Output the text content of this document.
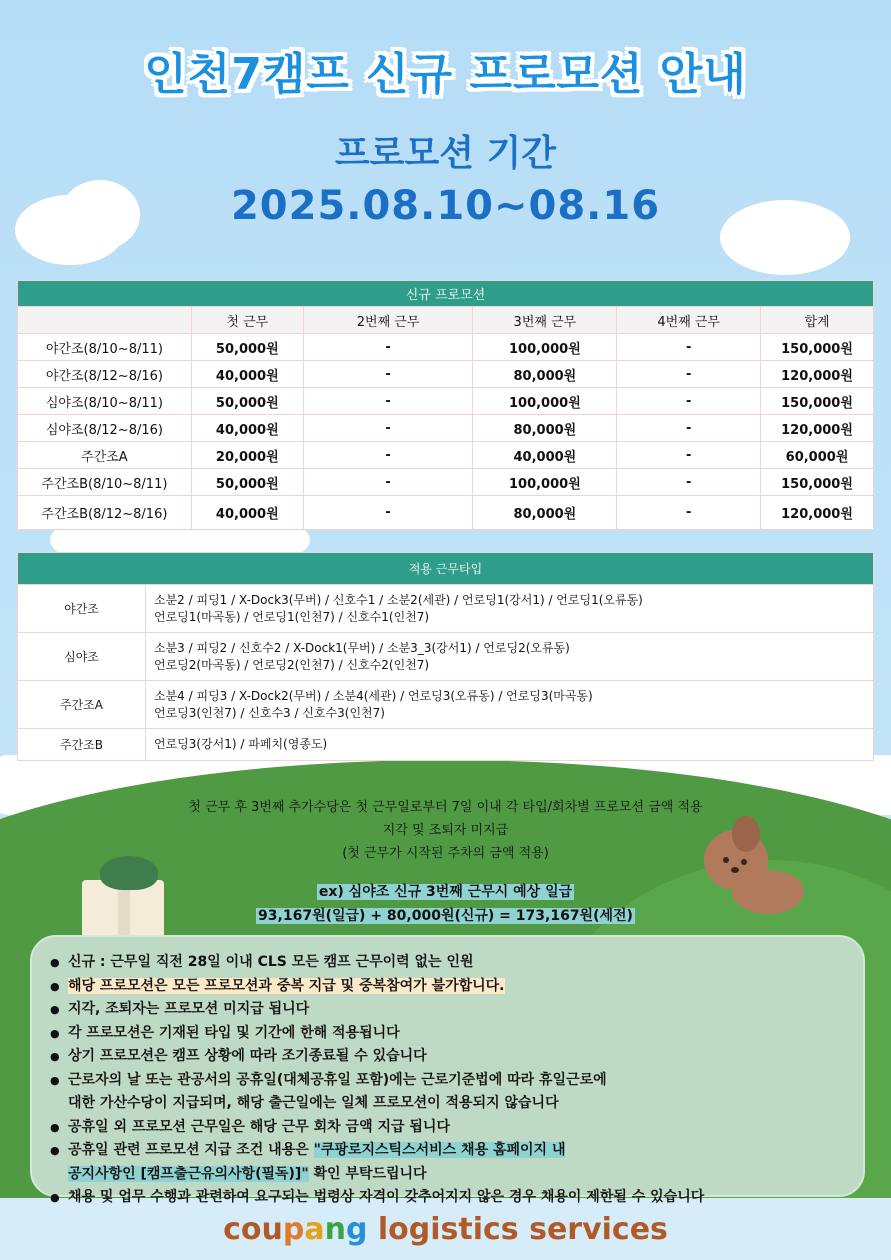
인천7캠프 신규 프로모션 안내
프로모션 기간
2025.08.10~08.16
신규 프로모션					
	첫 근무	2번째 근무	3번째 근무	4번째 근무	합계
야간조(8/10~8/11)	50,000원	-	100,000원	-	150,000원
야간조(8/12~8/16)	40,000원	-	80,000원	-	120,000원
심야조(8/10~8/11)	50,000원	-	100,000원	-	150,000원
심야조(8/12~8/16)	40,000원	-	80,000원	-	120,000원
주간조A	20,000원	-	40,000원	-	60,000원
주간조B(8/10~8/11)	50,000원	-	100,000원	-	150,000원
주간조B(8/12~8/16)	40,000원	-	80,000원	-	120,000원
적용 근무타입	
야간조	소분2 / 피딩1 / X-Dock3(무버) / 신호수1 / 소분2(세관) / 언로딩1(강서1) / 언로딩1(오류동)
언로딩1(마곡동) / 언로딩1(인천7) / 신호수1(인천7)

심야조	소분3 / 피딩2 / 신호수2 / X-Dock1(무버) / 소분3_3(강서1) / 언로딩2(오류동)
언로딩2(마곡동) / 언로딩2(인천7) / 신호수2(인천7)

주간조A	소분4 / 피딩3 / X-Dock2(무버) / 소분4(세관) / 언로딩3(오류동) / 언로딩3(마곡동)
언로딩3(인천7) / 신호수3 / 신호수3(인천7)

주간조B	언로딩3(강서1) / 파페치(영종도)
첫 근무 후 3번째 추가수당은 첫 근무일로부터 7일 이내 각 타입/회차별 프로모션 금액 적용
지각 및 조퇴자 미지급
(첫 근무가 시작된 주차의 금액 적용)
ex) 심야조 신규 3번째 근무시 예상 일급
93,167원(일급) + 80,000원(신규) = 173,167원(세전)
● 신규 : 근무일 직전 28일 이내 CLS 모든 캠프 근무이력 없는 인원
● 해당 프로모션은 모든 프로모션과 중복 지급 및 중복참여가 불가합니다.
● 지각, 조퇴자는 프로모션 미지급 됩니다
● 각 프로모션은 기재된 타입 및 기간에 한해 적용됩니다
● 상기 프로모션은 캠프 상황에 따라 조기종료될 수 있습니다
● 근로자의 날 또는 관공서의 공휴일(대체공휴일 포함)에는 근로기준법에 따라 휴일근로에
대한 가산수당이 지급되며, 해당 출근일에는 일체 프로모션이 적용되지 않습니다
● 공휴일 외 프로모션 근무일은 해당 근무 회차 금액 지급 됩니다
● 공휴일 관련 프로모션 지급 조건 내용은 "쿠팡로지스틱스서비스 채용 홈페이지 내
공지사항인 [캠프출근유의사항(필독)]" 확인 부탁드립니다
● 채용 및 업무 수행과 관련하여 요구되는 법령상 자격이 갖추어지지 않은 경우 채용이 제한될 수 있습니다
coupang logistics services
